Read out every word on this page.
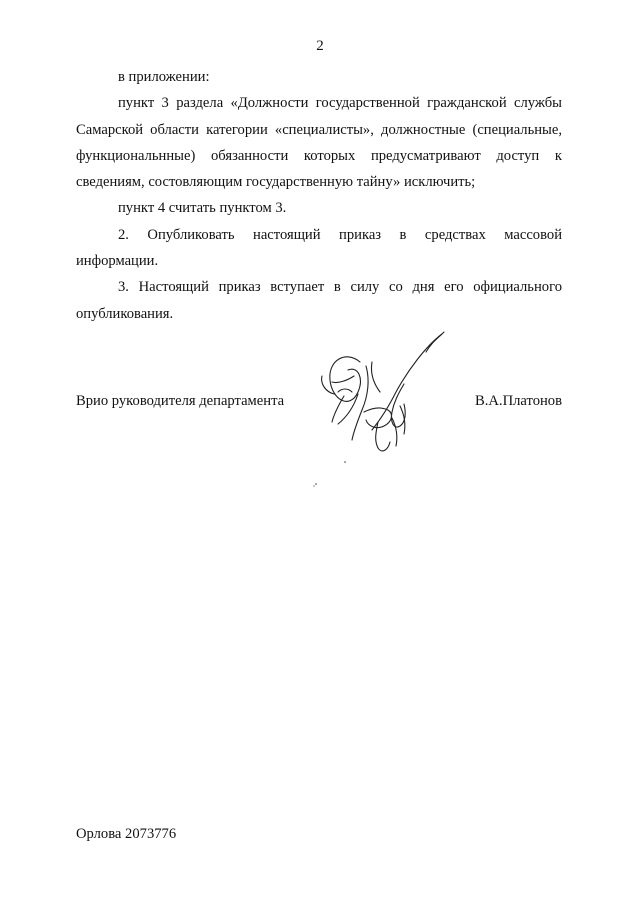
2
в приложении:
пункт 3 раздела «Должности государственной гражданской службы
Самарской области категории «специалисты», должностные (специальные,
функциональнные) обязанности которых предусматривают доступ к
сведениям, состовляющим государственную тайну» исключить;
пункт 4 считать пунктом 3.
2. Опубликовать настоящий приказ в средствах массовой
информации.
3. Настоящий приказ вступает в силу со дня его официального
опубликования.
Врио руководителя департамента	В.А.Платонов
Орлова 2073776
